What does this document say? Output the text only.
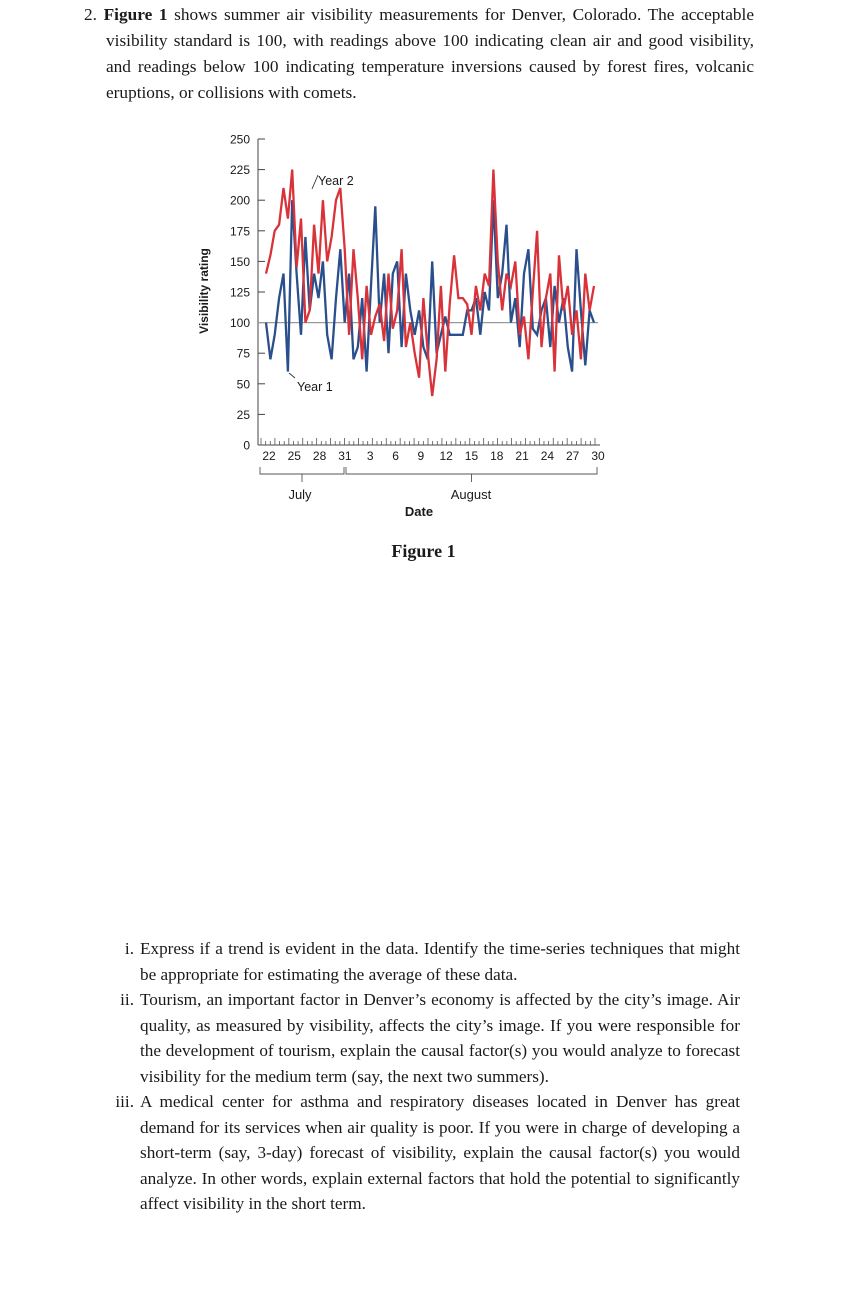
2. Figure 1 shows summer air visibility measurements for Denver, Colorado. The acceptable visibility standard is 100, with readings above 100 indicating clean air and good visibility, and readings below 100 indicating temperature inversions caused by forest fires, volcanic eruptions, or collisions with comets.

0
25
50
75
100
125
150
175
200
225
250
22 25 28 31 3 6 9 12 15 18 21 24 27 30
July	August
Year 2
Year 1
Visibility rating
Date
Figure 1

i. Express if a trend is evident in the data. Identify the time-series techniques that might be appropriate for estimating the average of these data.

ii. Tourism, an important factor in Denver’s economy is affected by the city’s image. Air quality, as measured by visibility, affects the city’s image. If you were responsible for the development of tourism, explain the causal factor(s) you would analyze to forecast visibility for the medium term (say, the next two summers).

iii. A medical center for asthma and respiratory diseases located in Denver has great demand for its services when air quality is poor. If you were in charge of developing a short-term (say, 3-day) forecast of visibility, explain the causal factor(s) you would analyze. In other words, explain external factors that hold the potential to significantly affect visibility in the short term.
